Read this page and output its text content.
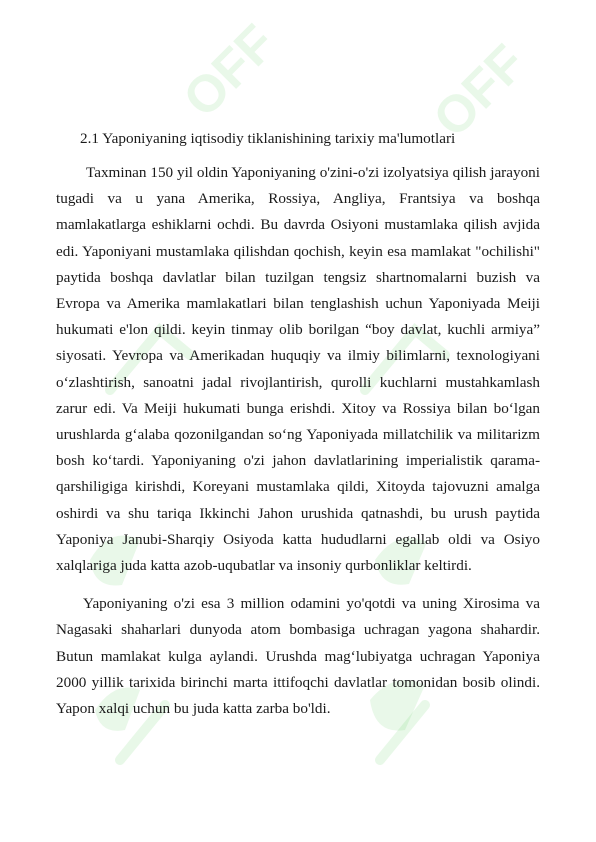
OFF	OFF

2.1 Yaponiyaning iqtisodiy tiklanishining tarixiy ma'lumotlari

Taxminan 150 yil oldin Yaponiyaning o'zini-o'zi izolyatsiya qilish jarayoni tugadi va u yana Amerika, Rossiya, Angliya, Frantsiya va boshqa mamlakatlarga eshiklarni ochdi. Bu davrda Osiyoni mustamlaka qilish avjida edi. Yaponiyani mustamlaka qilishdan qochish, keyin esa mamlakat "ochilishi" paytida boshqa davlatlar bilan tuzilgan tengsiz shartnomalarni buzish va Evropa va Amerika mamlakatlari bilan tenglashish uchun Yaponiyada Meiji hukumati e'lon qildi. keyin tinmay olib borilgan “boy davlat, kuchli armiya” siyosati. Yevropa va Amerikadan huquqiy va ilmiy bilimlarni, texnologiyani o‘zlashtirish, sanoatni jadal rivojlantirish, qurolli kuchlarni mustahkamlash zarur edi. Va Meiji hukumati bunga erishdi. Xitoy va Rossiya bilan bo‘lgan urushlarda g‘alaba qozonilgandan so‘ng Yaponiyada millatchilik va militarizm bosh ko‘tardi. Yaponiyaning o'zi jahon davlatlarining imperialistik qarama-qarshiligiga kirishdi, Koreyani mustamlaka qildi, Xitoyda tajovuzni amalga oshirdi va shu tariqa Ikkinchi Jahon urushida qatnashdi, bu urush paytida Yaponiya Janubi-Sharqiy Osiyoda katta hududlarni egallab oldi va Osiyo xalqlariga juda katta azob-uqubatlar va insoniy qurbonliklar keltirdi.

Yaponiyaning o'zi esa 3 million odamini yo'qotdi va uning Xirosima va Nagasaki shaharlari dunyoda atom bombasiga uchragan yagona shahardir. Butun mamlakat kulga aylandi. Urushda mag‘lubiyatga uchragan Yaponiya 2000 yillik tarixida birinchi marta ittifoqchi davlatlar tomonidan bosib olindi. Yapon xalqi uchun bu juda katta zarba bo'ldi.
